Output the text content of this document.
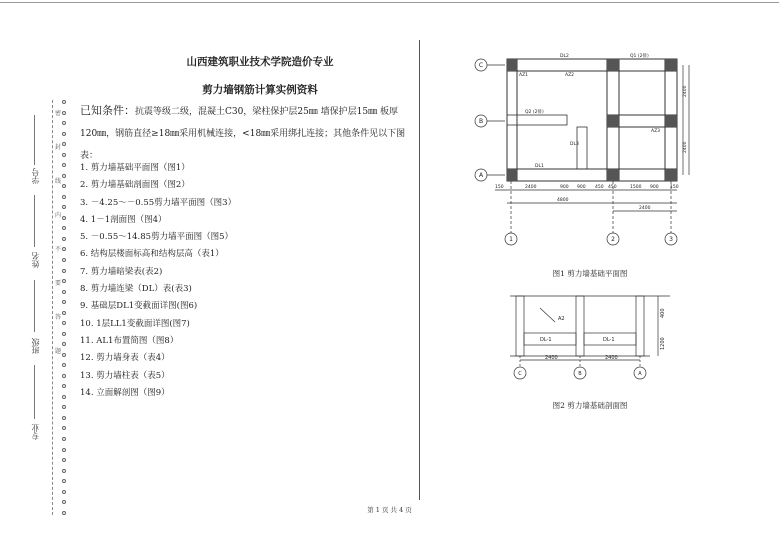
学号
姓名
班级
专业
密
封
线
内
不
要
答
题
山西建筑职业技术学院造价专业
剪力墙钢筋计算实例资料
已知条件：抗震等级二级，混凝土C30，梁柱保护层25㎜ 墙保护层15㎜ 板厚120㎜，钢筋直径≥18㎜采用机械连接，<18㎜采用绑扎连接；其他条件见以下图表：
1. 剪力墙基础平面图（图1）
2. 剪力墙基础剖面图（图2）
3. －4.25～－0.55剪力墙平面图（图3）
4. 1－1剖面图（图4）
5. －0.55～14.85剪力墙平面图（图5）
6. 结构层楼面标高和结构层高（表1）
7. 剪力墙暗梁表(表2)
8. 剪力墙连梁（DL）表(表3)
9. 基础层DL1变截面详图(图6)
10. 1层LL1变截面详图(图7)
11. AL1布置简图（图8）
12. 剪力墙身表（表4）
13. 剪力墙柱表（表5）
14. 立面解剖图（图9）
C
B
A
1	2	3
DL2	Q1 (2排)
AZ1	AZ2
DL1
Q2 (2排)
DL3
AZ3
2400
2400
150	2400	900 900 450 450	1500 900	150
4800
2400
图1 剪力墙基础平面图
DL-1	DL-1
A2
2400	2400
400
1200
C	B	A
图2 剪力墙基础剖面图
第 1 页 共 4 页
